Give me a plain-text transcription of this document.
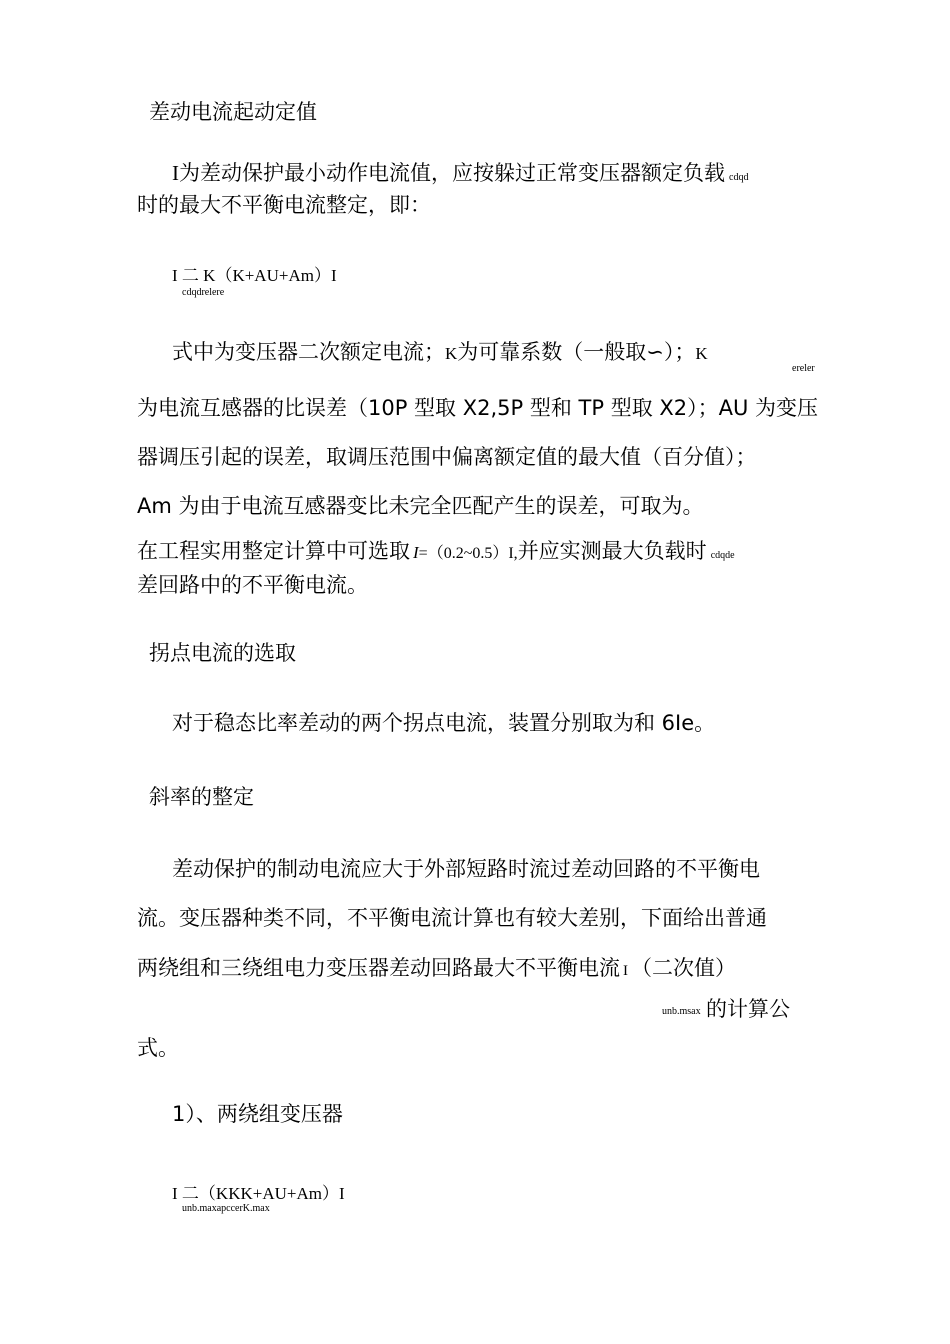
差动电流起动定值
I为差动保护最小动作电流值，应按躲过正常变压器额定负载 cdqd
时的最大不平衡电流整定，即：
I 二 K（K+AU+Am）I
cdqdrelere
式中为变压器二次额定电流；K为可靠系数（一般取∽）；K
ereler
为电流互感器的比误差（10P 型取 X2,5P 型和 TP 型取 X2）；AU 为变压
器调压引起的误差，取调压范围中偏离额定值的最大值（百分值）；
Am 为由于电流互感器变比未完全匹配产生的误差，可取为。
在工程实用整定计算中可选取 I=（0.2~0.5）I,并应实测最大负载时 cdqde
差回路中的不平衡电流。
拐点电流的选取
对于稳态比率差动的两个拐点电流，装置分别取为和 6Ie。
斜率的整定
差动保护的制动电流应大于外部短路时流过差动回路的不平衡电
流。变压器种类不同，不平衡电流计算也有较大差别，下面给出普通
两绕组和三绕组电力变压器差动回路最大不平衡电流 I （二次值）
unb.msax 的计算公
式。
1）、两绕组变压器
I 二（KKK+AU+Am）I
unb.maxapccerK.max
